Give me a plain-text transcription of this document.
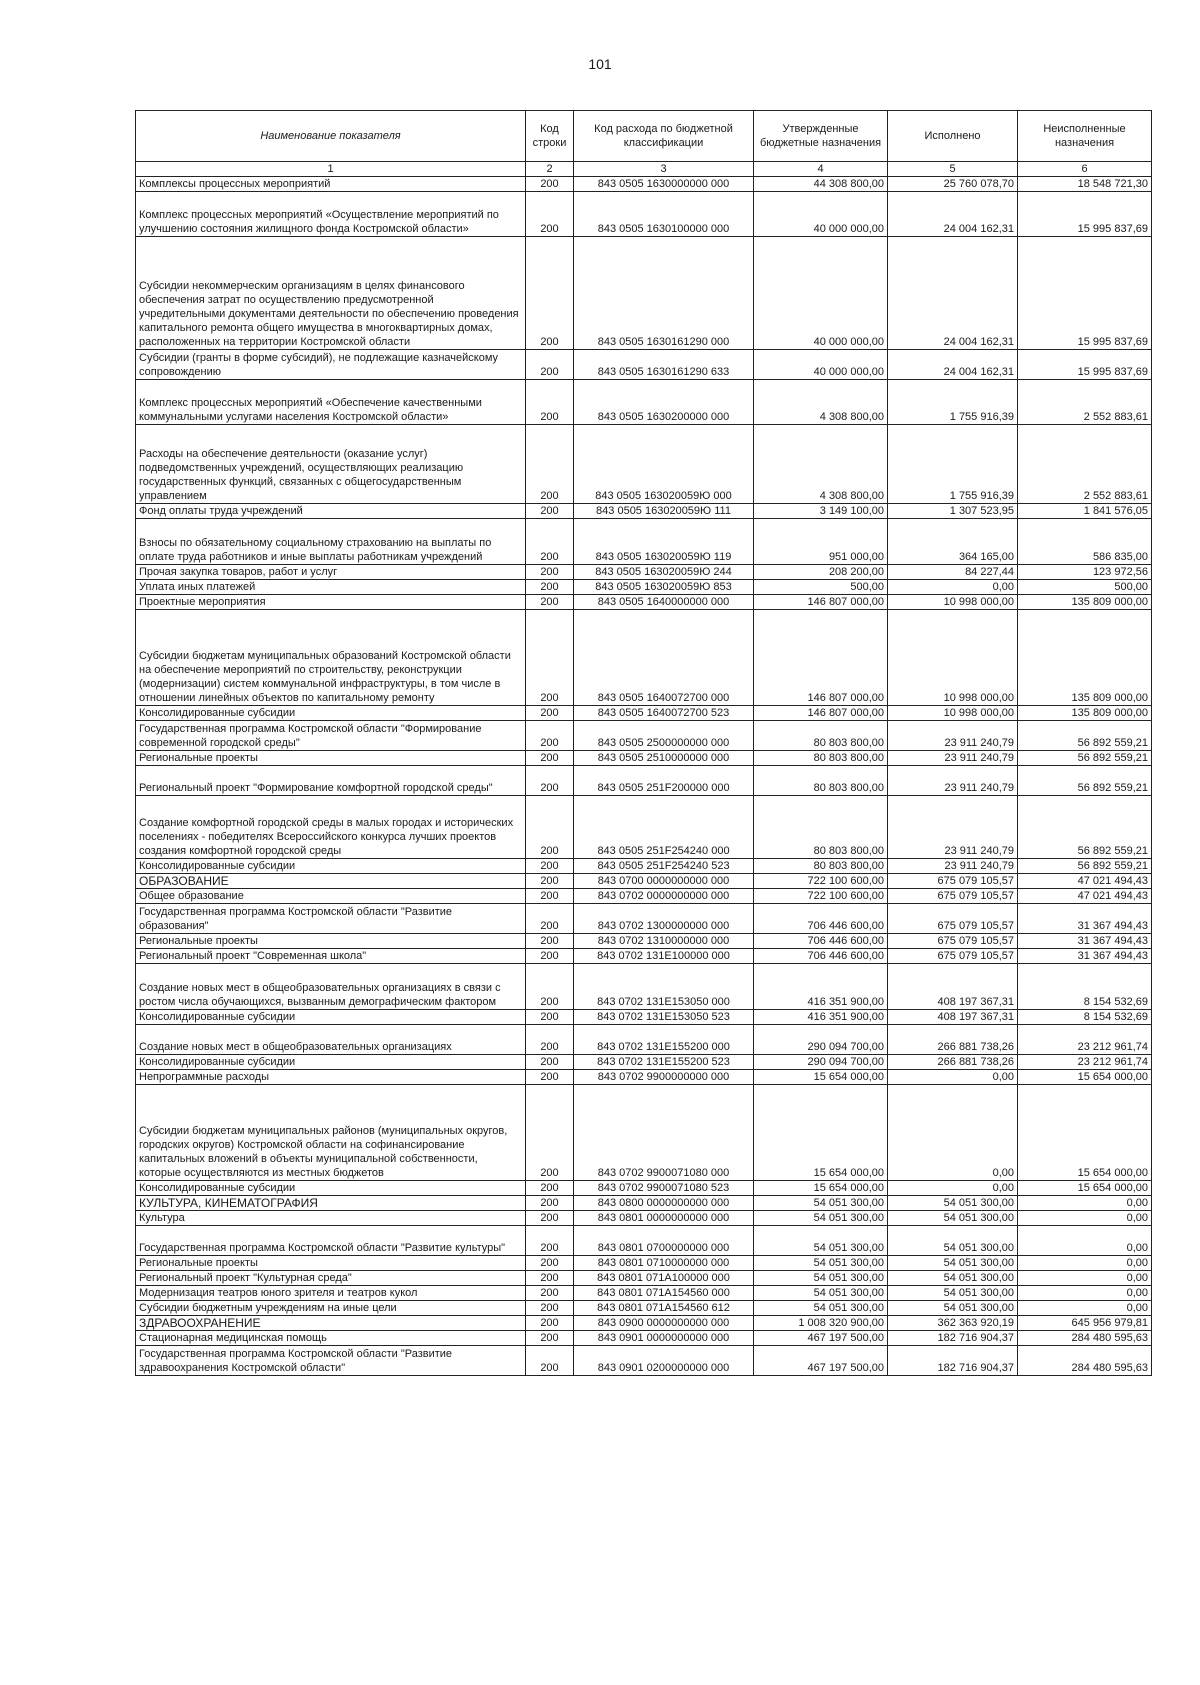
101
Наименование показателя	Код строки	Код расхода по бюджетной классификации	Утвержденные бюджетные назначения	Исполнено	Неисполненные назначения
1	2	3	4	5	6
Комплексы процессных мероприятий	200	843 0505 1630000000 000	44 308 800,00	25 760 078,70	18 548 721,30
Комплекс процессных мероприятий «Осуществление мероприятий по улучшению состояния жилищного фонда Костромской области»	200	843 0505 1630100000 000	40 000 000,00	24 004 162,31	15 995 837,69
Субсидии некоммерческим организациям в целях финансового обеспечения затрат по осуществлению предусмотренной учредительными документами деятельности по обеспечению проведения капитального ремонта общего имущества в многоквартирных домах, расположенных на территории Костромской области	200	843 0505 1630161290 000	40 000 000,00	24 004 162,31	15 995 837,69
Субсидии (гранты в форме субсидий), не подлежащие казначейскому сопровождению	200	843 0505 1630161290 633	40 000 000,00	24 004 162,31	15 995 837,69
Комплекс процессных мероприятий «Обеспечение качественными коммунальными услугами населения Костромской области»	200	843 0505 1630200000 000	4 308 800,00	1 755 916,39	2 552 883,61
Расходы на обеспечение деятельности (оказание услуг) подведомственных учреждений, осуществляющих реализацию государственных функций, связанных с общегосударственным управлением	200	843 0505 163020059Ю 000	4 308 800,00	1 755 916,39	2 552 883,61
Фонд оплаты труда учреждений	200	843 0505 163020059Ю 111	3 149 100,00	1 307 523,95	1 841 576,05
Взносы по обязательному социальному страхованию на выплаты по оплате труда работников и иные выплаты работникам учреждений	200	843 0505 163020059Ю 119	951 000,00	364 165,00	586 835,00
Прочая закупка товаров, работ и услуг	200	843 0505 163020059Ю 244	208 200,00	84 227,44	123 972,56
Уплата иных платежей	200	843 0505 163020059Ю 853	500,00	0,00	500,00
Проектные мероприятия	200	843 0505 1640000000 000	146 807 000,00	10 998 000,00	135 809 000,00
Субсидии бюджетам муниципальных образований Костромской области на обеспечение мероприятий по строительству, реконструкции (модернизации) систем коммунальной инфраструктуры, в том числе в отношении линейных объектов по капитальному ремонту	200	843 0505 1640072700 000	146 807 000,00	10 998 000,00	135 809 000,00
Консолидированные субсидии	200	843 0505 1640072700 523	146 807 000,00	10 998 000,00	135 809 000,00
Государственная программа Костромской области "Формирование современной городской среды"	200	843 0505 2500000000 000	80 803 800,00	23 911 240,79	56 892 559,21
Региональные проекты	200	843 0505 2510000000 000	80 803 800,00	23 911 240,79	56 892 559,21
Региональный проект "Формирование комфортной городской среды"	200	843 0505 251F200000 000	80 803 800,00	23 911 240,79	56 892 559,21
Создание комфортной городской среды в малых городах и исторических поселениях - победителях Всероссийского конкурса лучших проектов создания комфортной городской среды	200	843 0505 251F254240 000	80 803 800,00	23 911 240,79	56 892 559,21
Консолидированные субсидии	200	843 0505 251F254240 523	80 803 800,00	23 911 240,79	56 892 559,21
ОБРАЗОВАНИЕ	200	843 0700 0000000000 000	722 100 600,00	675 079 105,57	47 021 494,43
Общее образование	200	843 0702 0000000000 000	722 100 600,00	675 079 105,57	47 021 494,43
Государственная программа Костромской области "Развитие образования"	200	843 0702 1300000000 000	706 446 600,00	675 079 105,57	31 367 494,43
Региональные проекты	200	843 0702 1310000000 000	706 446 600,00	675 079 105,57	31 367 494,43
Региональный проект "Современная школа"	200	843 0702 131E100000 000	706 446 600,00	675 079 105,57	31 367 494,43
Создание новых мест в общеобразовательных организациях в связи с ростом числа обучающихся, вызванным демографическим фактором	200	843 0702 131E153050 000	416 351 900,00	408 197 367,31	8 154 532,69
Консолидированные субсидии	200	843 0702 131E153050 523	416 351 900,00	408 197 367,31	8 154 532,69
Создание новых мест в общеобразовательных организациях	200	843 0702 131E155200 000	290 094 700,00	266 881 738,26	23 212 961,74
Консолидированные субсидии	200	843 0702 131E155200 523	290 094 700,00	266 881 738,26	23 212 961,74
Непрограммные расходы	200	843 0702 9900000000 000	15 654 000,00	0,00	15 654 000,00
Субсидии бюджетам муниципальных районов (муниципальных округов, городских округов) Костромской области на софинансирование капитальных вложений в объекты муниципальной собственности, которые осуществляются из местных бюджетов	200	843 0702 9900071080 000	15 654 000,00	0,00	15 654 000,00
Консолидированные субсидии	200	843 0702 9900071080 523	15 654 000,00	0,00	15 654 000,00
КУЛЬТУРА, КИНЕМАТОГРАФИЯ	200	843 0800 0000000000 000	54 051 300,00	54 051 300,00	0,00
Культура	200	843 0801 0000000000 000	54 051 300,00	54 051 300,00	0,00
Государственная программа Костромской области "Развитие культуры"	200	843 0801 0700000000 000	54 051 300,00	54 051 300,00	0,00
Региональные проекты	200	843 0801 0710000000 000	54 051 300,00	54 051 300,00	0,00
Региональный проект "Культурная среда"	200	843 0801 071A100000 000	54 051 300,00	54 051 300,00	0,00
Модернизация театров юного зрителя и театров кукол	200	843 0801 071A154560 000	54 051 300,00	54 051 300,00	0,00
Субсидии бюджетным учреждениям на иные цели	200	843 0801 071A154560 612	54 051 300,00	54 051 300,00	0,00
ЗДРАВООХРАНЕНИЕ	200	843 0900 0000000000 000	1 008 320 900,00	362 363 920,19	645 956 979,81
Стационарная медицинская помощь	200	843 0901 0000000000 000	467 197 500,00	182 716 904,37	284 480 595,63
Государственная программа Костромской области "Развитие здравоохранения Костромской области"	200	843 0901 0200000000 000	467 197 500,00	182 716 904,37	284 480 595,63
